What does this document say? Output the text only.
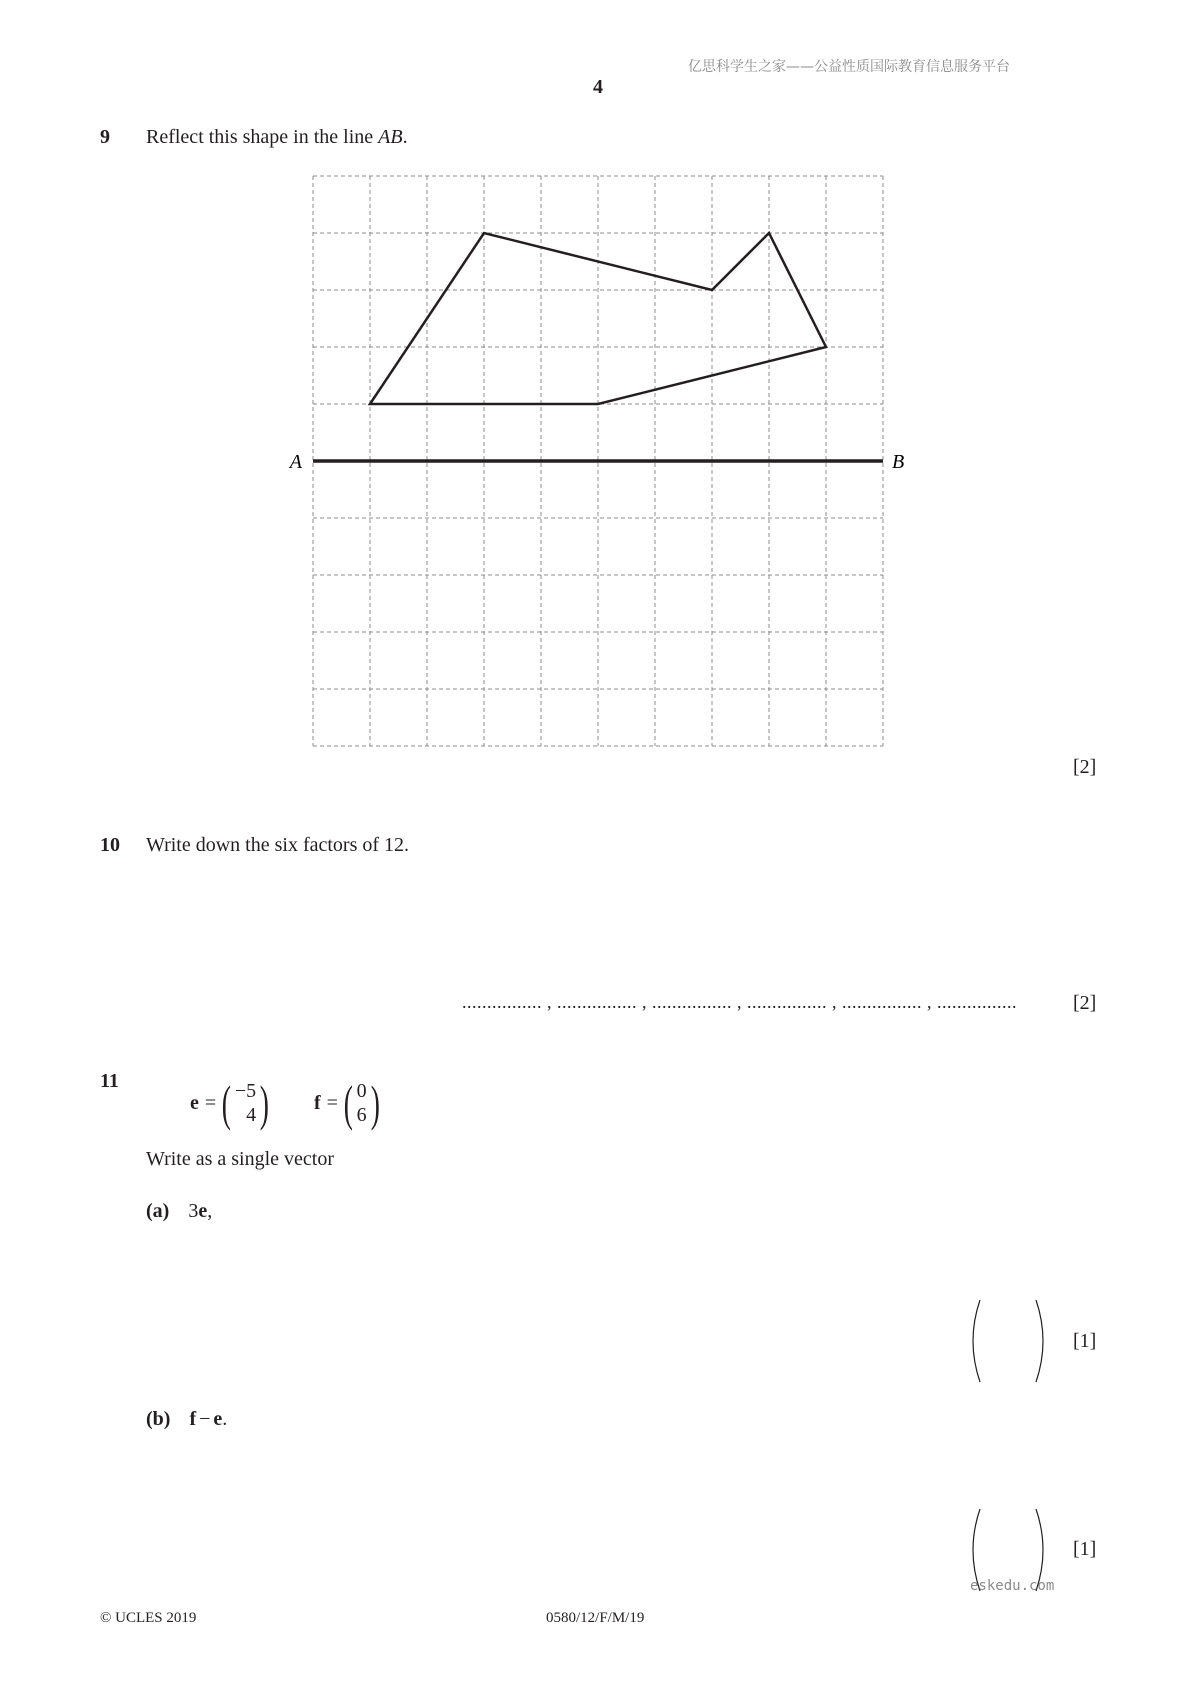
亿思科学生之家——公益性质国际教育信息服务平台
4
9 Reflect this shape in the line AB.
A	B
[2]
10 Write down the six factors of 12.
................ , ................ , ................ , ................ , ................ , ................	[2]
11
e = ( −5
4 ) f = ( 0
6 )
Write as a single vector
(a) 3e,
[1]
(b) f − e.
[1]
eskedu.com
© UCLES 2019	0580/12/F/M/19
